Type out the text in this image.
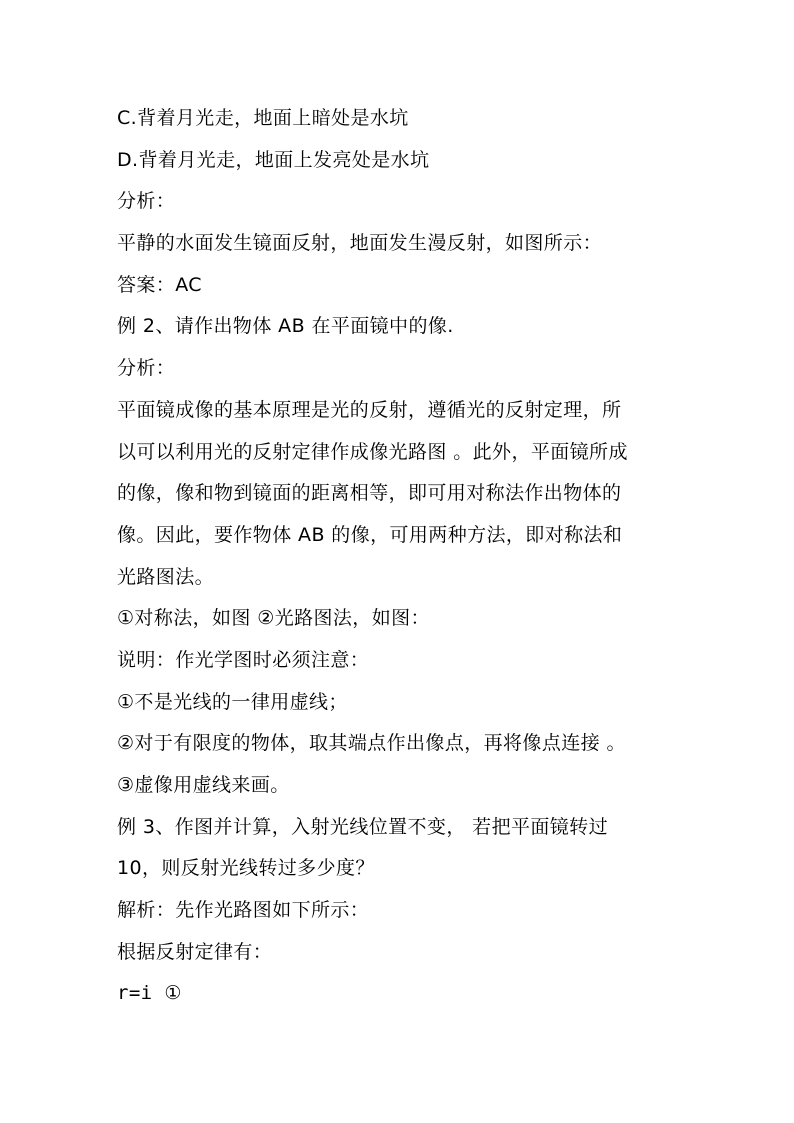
C.背着月光走，地面上暗处是水坑
D.背着月光走，地面上发亮处是水坑
分析：
平静的水面发生镜面反射，地面发生漫反射，如图所示：
答案：AC
例 2、请作出物体 AB 在平面镜中的像.
分析：
平面镜成像的基本原理是光的反射，遵循光的反射定理，所
以可以利用光的反射定律作成像光路图 。此外，平面镜所成
的像，像和物到镜面的距离相等，即可用对称法作出物体的
像。因此，要作物体 AB 的像，可用两种方法，即对称法和
光路图法。
①对称法，如图 ②光路图法，如图：
说明：作光学图时必须注意：
①不是光线的一律用虚线；
②对于有限度的物体，取其端点作出像点，再将像点连接 。
③虚像用虚线来画。
例 3、作图并计算，入射光线位置不变， 若把平面镜转过
10，则反射光线转过多少度？
解析：先作光路图如下所示：
根据反射定律有：
r=i ①
